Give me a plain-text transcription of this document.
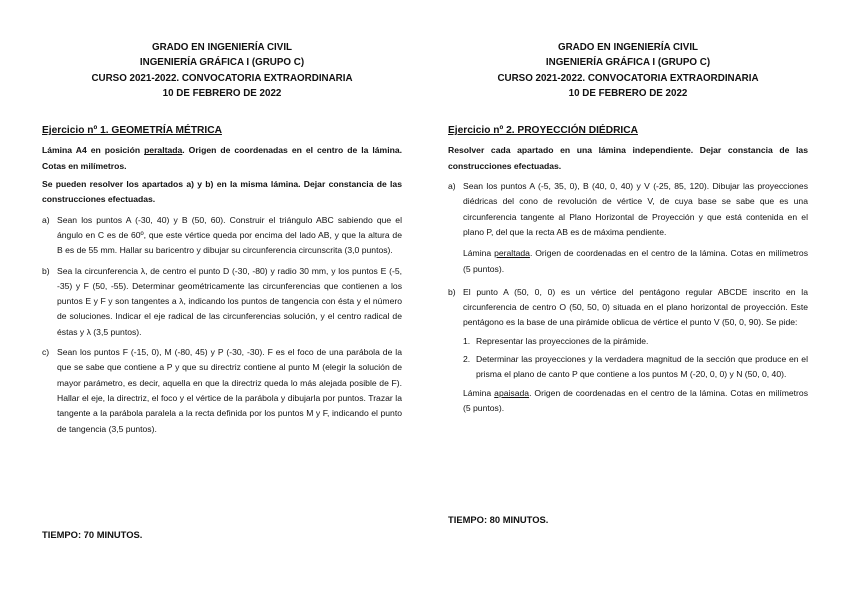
GRADO EN INGENIERÍA CIVIL
INGENIERÍA GRÁFICA I (GRUPO C)
CURSO 2021-2022. CONVOCATORIA EXTRAORDINARIA
10 DE FEBRERO DE 2022
Ejercicio nº 1. GEOMETRÍA MÉTRICA
Lámina A4 en posición peraltada. Origen de coordenadas en el centro de la lámina. Cotas en milímetros.
Se pueden resolver los apartados a) y b) en la misma lámina. Dejar constancia de las construcciones efectuadas.
a) Sean los puntos A (-30, 40) y B (50, 60). Construir el triángulo ABC sabiendo que el ángulo en C es de 60º, que este vértice queda por encima del lado AB, y que la altura de B es de 55 mm. Hallar su baricentro y dibujar su circunferencia circunscrita (3,0 puntos).
b) Sea la circunferencia λ, de centro el punto D (-30, -80) y radio 30 mm, y los puntos E (-5, -35) y F (50, -55). Determinar geométricamente las circunferencias que contienen a los puntos E y F y son tangentes a λ, indicando los puntos de tangencia con ésta y el número de soluciones. Indicar el eje radical de las circunferencias solución, y el centro radical de éstas y λ (3,5 puntos).
c) Sean los puntos F (-15, 0), M (-80, 45) y P (-30, -30). F es el foco de una parábola de la que se sabe que contiene a P y que su directriz contiene al punto M (elegir la solución de mayor parámetro, es decir, aquella en que la directriz queda lo más alejada posible de F). Hallar el eje, la directriz, el foco y el vértice de la parábola y dibujarla por puntos. Trazar la tangente a la parábola paralela a la recta definida por los puntos M y F, indicando el punto de tangencia (3,5 puntos).
TIEMPO: 70 MINUTOS.
GRADO EN INGENIERÍA CIVIL
INGENIERÍA GRÁFICA I (GRUPO C)
CURSO 2021-2022. CONVOCATORIA EXTRAORDINARIA
10 DE FEBRERO DE 2022
Ejercicio nº 2. PROYECCIÓN DIÉDRICA
Resolver cada apartado en una lámina independiente. Dejar constancia de las construcciones efectuadas.
a) Sean los puntos A (-5, 35, 0), B (40, 0, 40) y V (-25, 85, 120). Dibujar las proyecciones diédricas del cono de revolución de vértice V, de cuya base se sabe que es una circunferencia tangente al Plano Horizontal de Proyección y que está contenida en el plano P, del que la recta AB es de máxima pendiente.
Lámina peraltada. Origen de coordenadas en el centro de la lámina. Cotas en milímetros (5 puntos).
b) El punto A (50, 0, 0) es un vértice del pentágono regular ABCDE inscrito en la circunferencia de centro O (50, 50, 0) situada en el plano horizontal de proyección. Este pentágono es la base de una pirámide oblicua de vértice el punto V (50, 0, 90). Se pide:
1. Representar las proyecciones de la pirámide.
2. Determinar las proyecciones y la verdadera magnitud de la sección que produce en el prisma el plano de canto P que contiene a los puntos M (-20, 0, 0) y N (50, 0, 40).
Lámina apaisada. Origen de coordenadas en el centro de la lámina. Cotas en milímetros (5 puntos).
TIEMPO: 80 MINUTOS.
